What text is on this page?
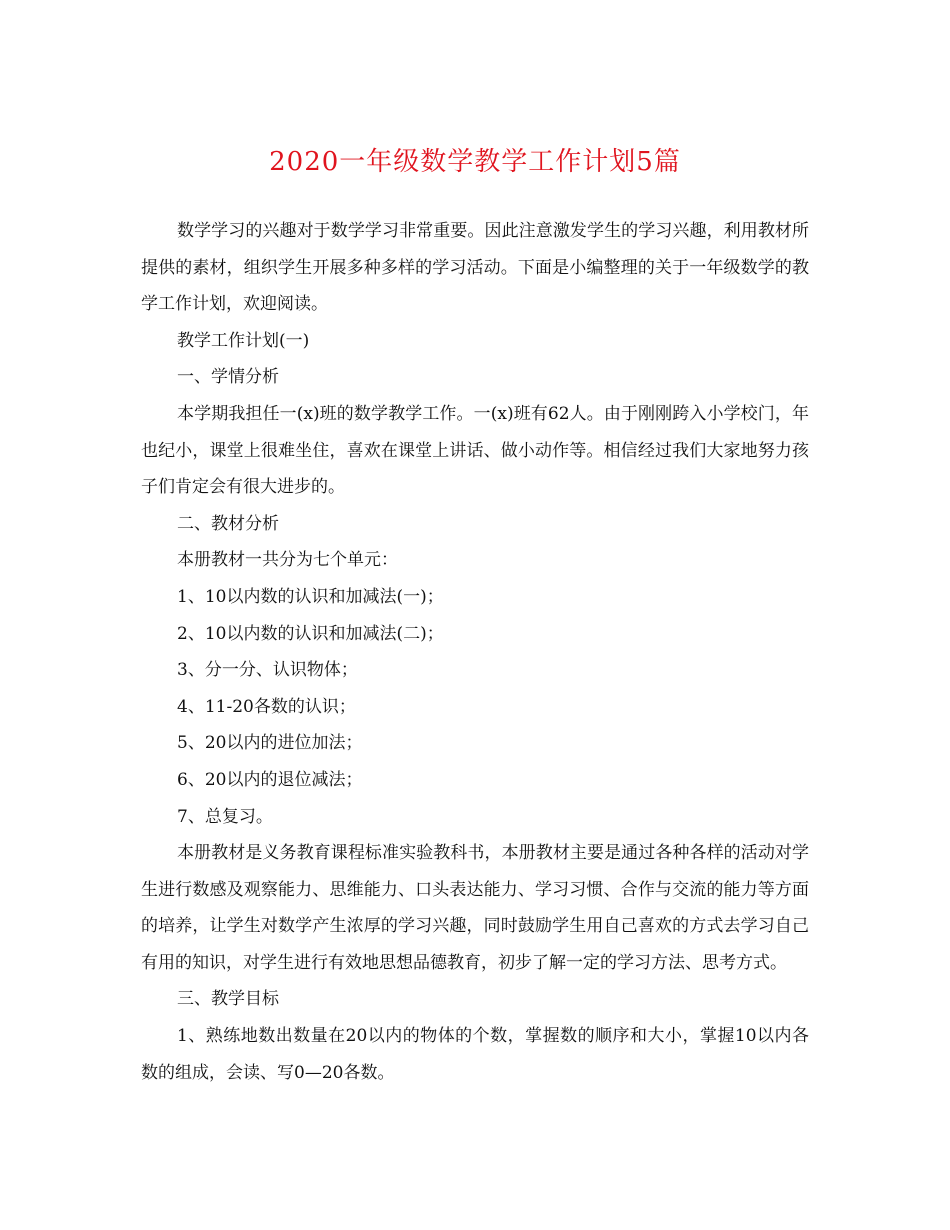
2020一年级数学教学工作计划5篇

数学学习的兴趣对于数学学习非常重要。因此注意激发学生的学习兴趣，利用教材所提供的素材，组织学生开展多种多样的学习活动。下面是小编整理的关于一年级数学的教学工作计划，欢迎阅读。

教学工作计划(一)

一、学情分析

本学期我担任一(x)班的数学教学工作。一(x)班有62人。由于刚刚跨入小学校门，年也纪小，课堂上很难坐住，喜欢在课堂上讲话、做小动作等。相信经过我们大家地努力孩子们肯定会有很大进步的。

二、教材分析

本册教材一共分为七个单元：

1、10以内数的认识和加减法(一)；

2、10以内数的认识和加减法(二)；

3、分一分、认识物体；

4、11-20各数的认识；

5、20以内的进位加法；

6、20以内的退位减法；

7、总复习。

本册教材是义务教育课程标准实验教科书，本册教材主要是通过各种各样的活动对学生进行数感及观察能力、思维能力、口头表达能力、学习习惯、合作与交流的能力等方面的培养，让学生对数学产生浓厚的学习兴趣，同时鼓励学生用自己喜欢的方式去学习自己有用的知识，对学生进行有效地思想品德教育，初步了解一定的学习方法、思考方式。

三、教学目标

1、熟练地数出数量在20以内的物体的个数，掌握数的顺序和大小，掌握10以内各数的组成，会读、写0—20各数。
